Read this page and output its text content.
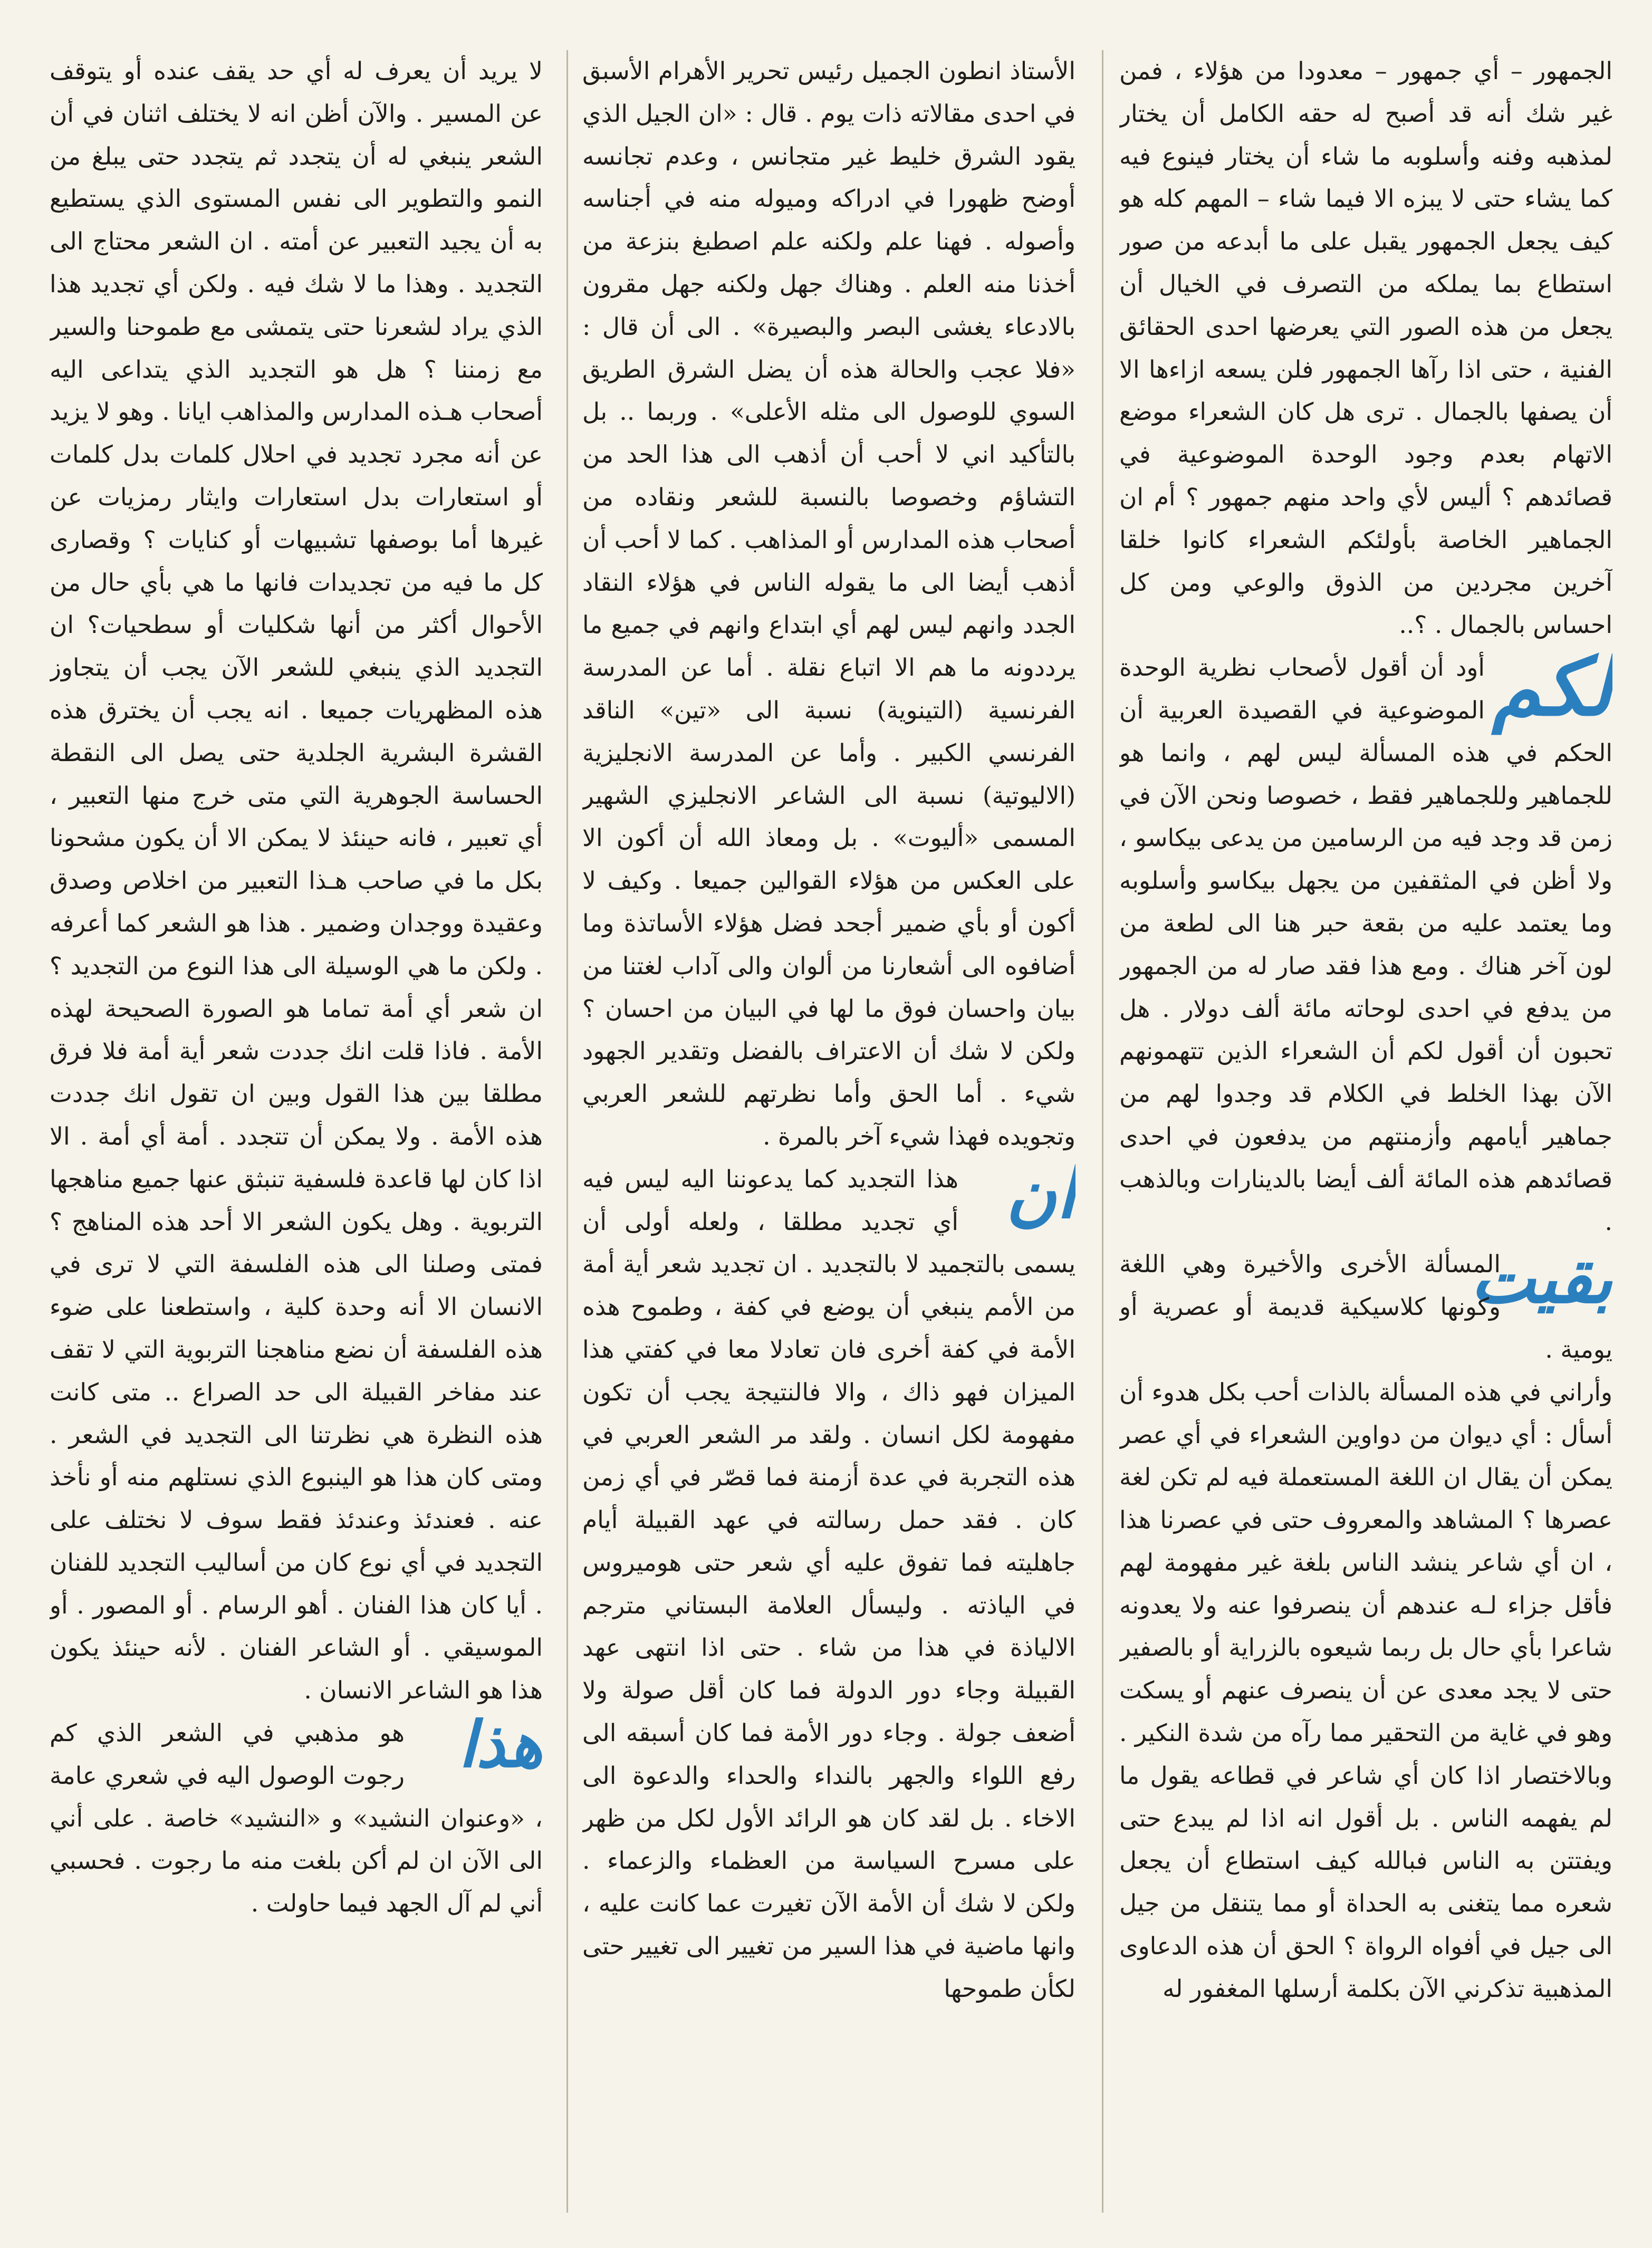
الجمهور – أي جمهور – معدودا من هؤلاء ، فمن غير شك أنه قد أصبح له حقه الكامل أن يختار لمذهبه وفنه وأسلوبه ما شاء أن يختار فينوع فيه كما يشاء حتى لا يبزه الا فيما شاء – المهم كله هو كيف يجعل الجمهور يقبل على ما أبدعه من صور استطاع بما يملكه من التصرف في الخيال أن يجعل من هذه الصور التي يعرضها احدى الحقائق الفنية ، حتى اذا رآها الجمهور فلن يسعه ازاءها الا أن يصفها بالجمال . ترى هل كان الشعراء موضع الاتهام بعدم وجود الوحدة الموضوعية في قصائدهم ؟ أليس لأي واحد منهم جمهور ؟ أم ان الجماهير الخاصة بأولئكم الشعراء كانوا خلقا آخرين مجردين من الذوق والوعي ومن كل احساس بالجمال . ؟..

لكم
أود أن أقول لأصحاب نظرية الوحدة الموضوعية في القصيدة العربية أن الحكم في هذه المسألة ليس لهم ، وانما هو للجماهير وللجماهير فقط ، خصوصا ونحن الآن في زمن قد وجد فيه من الرسامين من يدعى بيكاسو ، ولا أظن في المثقفين من يجهل بيكاسو وأسلوبه وما يعتمد عليه من بقعة حبر هنا الى لطعة من لون آخر هناك . ومع هذا فقد صار له من الجمهور من يدفع في احدى لوحاته مائة ألف دولار . هل تحبون أن أقول لكم أن الشعراء الذين تتهمونهم الآن بهذا الخلط في الكلام قد وجدوا لهم من جماهير أيامهم وأزمنتهم من يدفعون في احدى قصائدهم هذه المائة ألف أيضا بالدينارات وبالذهب .

بقيت
المسألة الأخرى والأخيرة وهي اللغة وكونها كلاسيكية قديمة أو عصرية أو يومية .

وأراني في هذه المسألة بالذات أحب بكل هدوء أن أسأل : أي ديوان من دواوين الشعراء في أي عصر يمكن أن يقال ان اللغة المستعملة فيه لم تكن لغة عصرها ؟ المشاهد والمعروف حتى في عصرنا هذا ، ان أي شاعر ينشد الناس بلغة غير مفهومة لهم فأقل جزاء لـه عندهم أن ينصرفوا عنه ولا يعدونه شاعرا بأي حال بل ربما شيعوه بالزراية أو بالصفير حتى لا يجد معدى عن أن ينصرف عنهم أو يسكت وهو في غاية من التحقير مما رآه من شدة النكير . وبالاختصار اذا كان أي شاعر في قطاعه يقول ما لم يفهمه الناس . بل أقول انه اذا لم يبدع حتى ويفتتن به الناس فبالله كيف استطاع أن يجعل شعره مما يتغنى به الحداة أو مما يتنقل من جيل الى جيل في أفواه الرواة ؟ الحق أن هذه الدعاوى المذهبية تذكرني الآن بكلمة أرسلها المغفور له

الأستاذ انطون الجميل رئيس تحرير الأهرام الأسبق في احدى مقالاته ذات يوم . قال : «ان الجيل الذي يقود الشرق خليط غير متجانس ، وعدم تجانسه أوضح ظهورا في ادراكه وميوله منه في أجناسه وأصوله . فهنا علم ولكنه علم اصطبغ بنزعة من أخذنا منه العلم . وهناك جهل ولكنه جهل مقرون بالادعاء يغشى البصر والبصيرة» . الى أن قال : «فلا عجب والحالة هذه أن يضل الشرق الطريق السوي للوصول الى مثله الأعلى» . وربما .. بل بالتأكيد اني لا أحب أن أذهب الى هذا الحد من التشاؤم وخصوصا بالنسبة للشعر ونقاده من أصحاب هذه المدارس أو المذاهب . كما لا أحب أن أذهب أيضا الى ما يقوله الناس في هؤلاء النقاد الجدد وانهم ليس لهم أي ابتداع وانهم في جميع ما يرددونه ما هم الا اتباع نقلة . أما عن المدرسة الفرنسية (التينوية) نسبة الى «تين» الناقد الفرنسي الكبير . وأما عن المدرسة الانجليزية (الاليوتية) نسبة الى الشاعر الانجليزي الشهير المسمى «أليوت» . بل ومعاذ الله أن أكون الا على العكس من هؤلاء القوالين جميعا . وكيف لا أكون أو بأي ضمير أجحد فضل هؤلاء الأساتذة وما أضافوه الى أشعارنا من ألوان والى آداب لغتنا من بيان واحسان فوق ما لها في البيان من احسان ؟ ولكن لا شك أن الاعتراف بالفضل وتقدير الجهود شيء . أما الحق وأما نظرتهم للشعر العربي وتجويده فهذا شيء آخر بالمرة .

ان
هذا التجديد كما يدعوننا اليه ليس فيه أي تجديد مطلقا ، ولعله أولى أن يسمى بالتجميد لا بالتجديد . ان تجديد شعر أية أمة من الأمم ينبغي أن يوضع في كفة ، وطموح هذه الأمة في كفة أخرى فان تعادلا معا في كفتي هذا الميزان فهو ذاك ، والا فالنتيجة يجب أن تكون مفهومة لكل انسان . ولقد مر الشعر العربي في هذه التجربة في عدة أزمنة فما قصّر في أي زمن كان . فقد حمل رسالته في عهد القبيلة أيام جاهليته فما تفوق عليه أي شعر حتى هوميروس في الياذته . وليسأل العلامة البستاني مترجم الالياذة في هذا من شاء . حتى اذا انتهى عهد القبيلة وجاء دور الدولة فما كان أقل صولة ولا أضعف جولة . وجاء دور الأمة فما كان أسبقه الى رفع اللواء والجهر بالنداء والحداء والدعوة الى الاخاء . بل لقد كان هو الرائد الأول لكل من ظهر على مسرح السياسة من العظماء والزعماء . ولكن لا شك أن الأمة الآن تغيرت عما كانت عليه ، وانها ماضية في هذا السير من تغيير الى تغيير حتى لكأن طموحها

لا يريد أن يعرف له أي حد يقف عنده أو يتوقف عن المسير . والآن أظن انه لا يختلف اثنان في أن الشعر ينبغي له أن يتجدد ثم يتجدد حتى يبلغ من النمو والتطوير الى نفس المستوى الذي يستطيع به أن يجيد التعبير عن أمته . ان الشعر محتاج الى التجديد . وهذا ما لا شك فيه . ولكن أي تجديد هذا الذي يراد لشعرنا حتى يتمشى مع طموحنا والسير مع زمننا ؟ هل هو التجديد الذي يتداعى اليه أصحاب هـذه المدارس والمذاهب ايانا . وهو لا يزيد عن أنه مجرد تجديد في احلال كلمات بدل كلمات أو استعارات بدل استعارات وايثار رمزيات عن غيرها أما بوصفها تشبيهات أو كنايات ؟ وقصارى كل ما فيه من تجديدات فانها ما هي بأي حال من الأحوال أكثر من أنها شكليات أو سطحيات؟ ان التجديد الذي ينبغي للشعر الآن يجب أن يتجاوز هذه المظهريات جميعا . انه يجب أن يخترق هذه القشرة البشرية الجلدية حتى يصل الى النقطة الحساسة الجوهرية التي متى خرج منها التعبير ، أي تعبير ، فانه حينئذ لا يمكن الا أن يكون مشحونا بكل ما في صاحب هـذا التعبير من اخلاص وصدق وعقيدة ووجدان وضمير . هذا هو الشعر كما أعرفه . ولكن ما هي الوسيلة الى هذا النوع من التجديد ؟ ان شعر أي أمة تماما هو الصورة الصحيحة لهذه الأمة . فاذا قلت انك جددت شعر أية أمة فلا فرق مطلقا بين هذا القول وبين ان تقول انك جددت هذه الأمة . ولا يمكن أن تتجدد . أمة أي أمة . الا اذا كان لها قاعدة فلسفية تنبثق عنها جميع مناهجها التربوية . وهل يكون الشعر الا أحد هذه المناهج ؟ فمتى وصلنا الى هذه الفلسفة التي لا ترى في الانسان الا أنه وحدة كلية ، واستطعنا على ضوء هذه الفلسفة أن نضع مناهجنا التربوية التي لا تقف عند مفاخر القبيلة الى حد الصراع .. متى كانت هذه النظرة هي نظرتنا الى التجديد في الشعر . ومتى كان هذا هو الينبوع الذي نستلهم منه أو نأخذ عنه . فعندئذ وعندئذ فقط سوف لا نختلف على التجديد في أي نوع كان من أساليب التجديد للفنان . أيا كان هذا الفنان . أهو الرسام . أو المصور . أو الموسيقي . أو الشاعر الفنان . لأنه حينئذ يكون هذا هو الشاعر الانسان .

هذا
هو مذهبي في الشعر الذي كم رجوت الوصول اليه في شعري عامة ، «وعنوان النشيد» و «النشيد» خاصة . على أني الى الآن ان لم أكن بلغت منه ما رجوت . فحسبي أني لم آل الجهد فيما حاولت .
